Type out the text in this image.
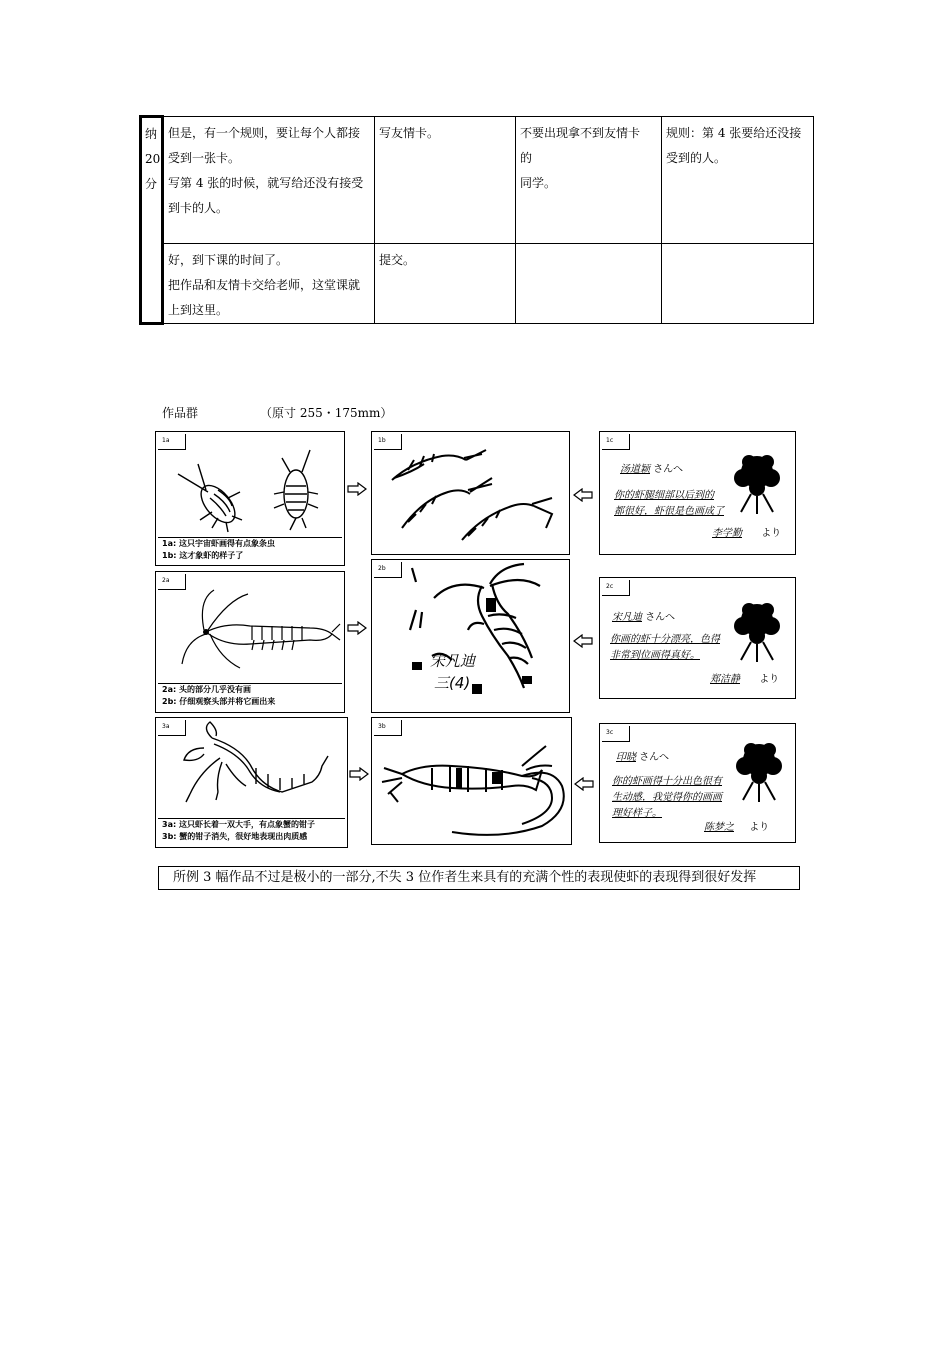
纳
20
分	但是，有一个规则，要让每个人都接
受到一张卡。
写第 4 张的时候，就写给还没有接受
到卡的人。	写友情卡。	不要出现拿不到友情卡
的
同学。	规则：第 4 张要给还没接
受到的人。

	好，到下课的时间了。
把作品和友情卡交给老师，这堂课就
上到这里。	提交。		

作品群	（原寸 255・175mm）
1a
1a: 这只宇宙虾画得有点象条虫
1b: 这才象虾的样子了
1b	1c
汤道颖 さんへ
你的虾腿细部以后到的
都很好，虾很是色画成了
李学勤 より
2a
2a: 头的部分几乎没有画
2b: 仔细观察头部并将它画出来
2b
宋凡迪
三(4)
2c
宋凡迪 さんへ
你画的虾十分漂亮，色得
非常到位画得真好。
郑洁静 より
3a
3a: 这只虾长着一双大手，有点象蟹的钳子
3b: 蟹的钳子消失，很好地表现出肉质感
3b
3c
印晓 さんへ
你的虾画得十分出色很有
生动感，我觉得你的画画
理好样子。
陈梦之 より
所例 3 幅作品不过是极小的一部分,不失 3 位作者生来具有的充满个性的表现使虾的表现得到很好发挥
